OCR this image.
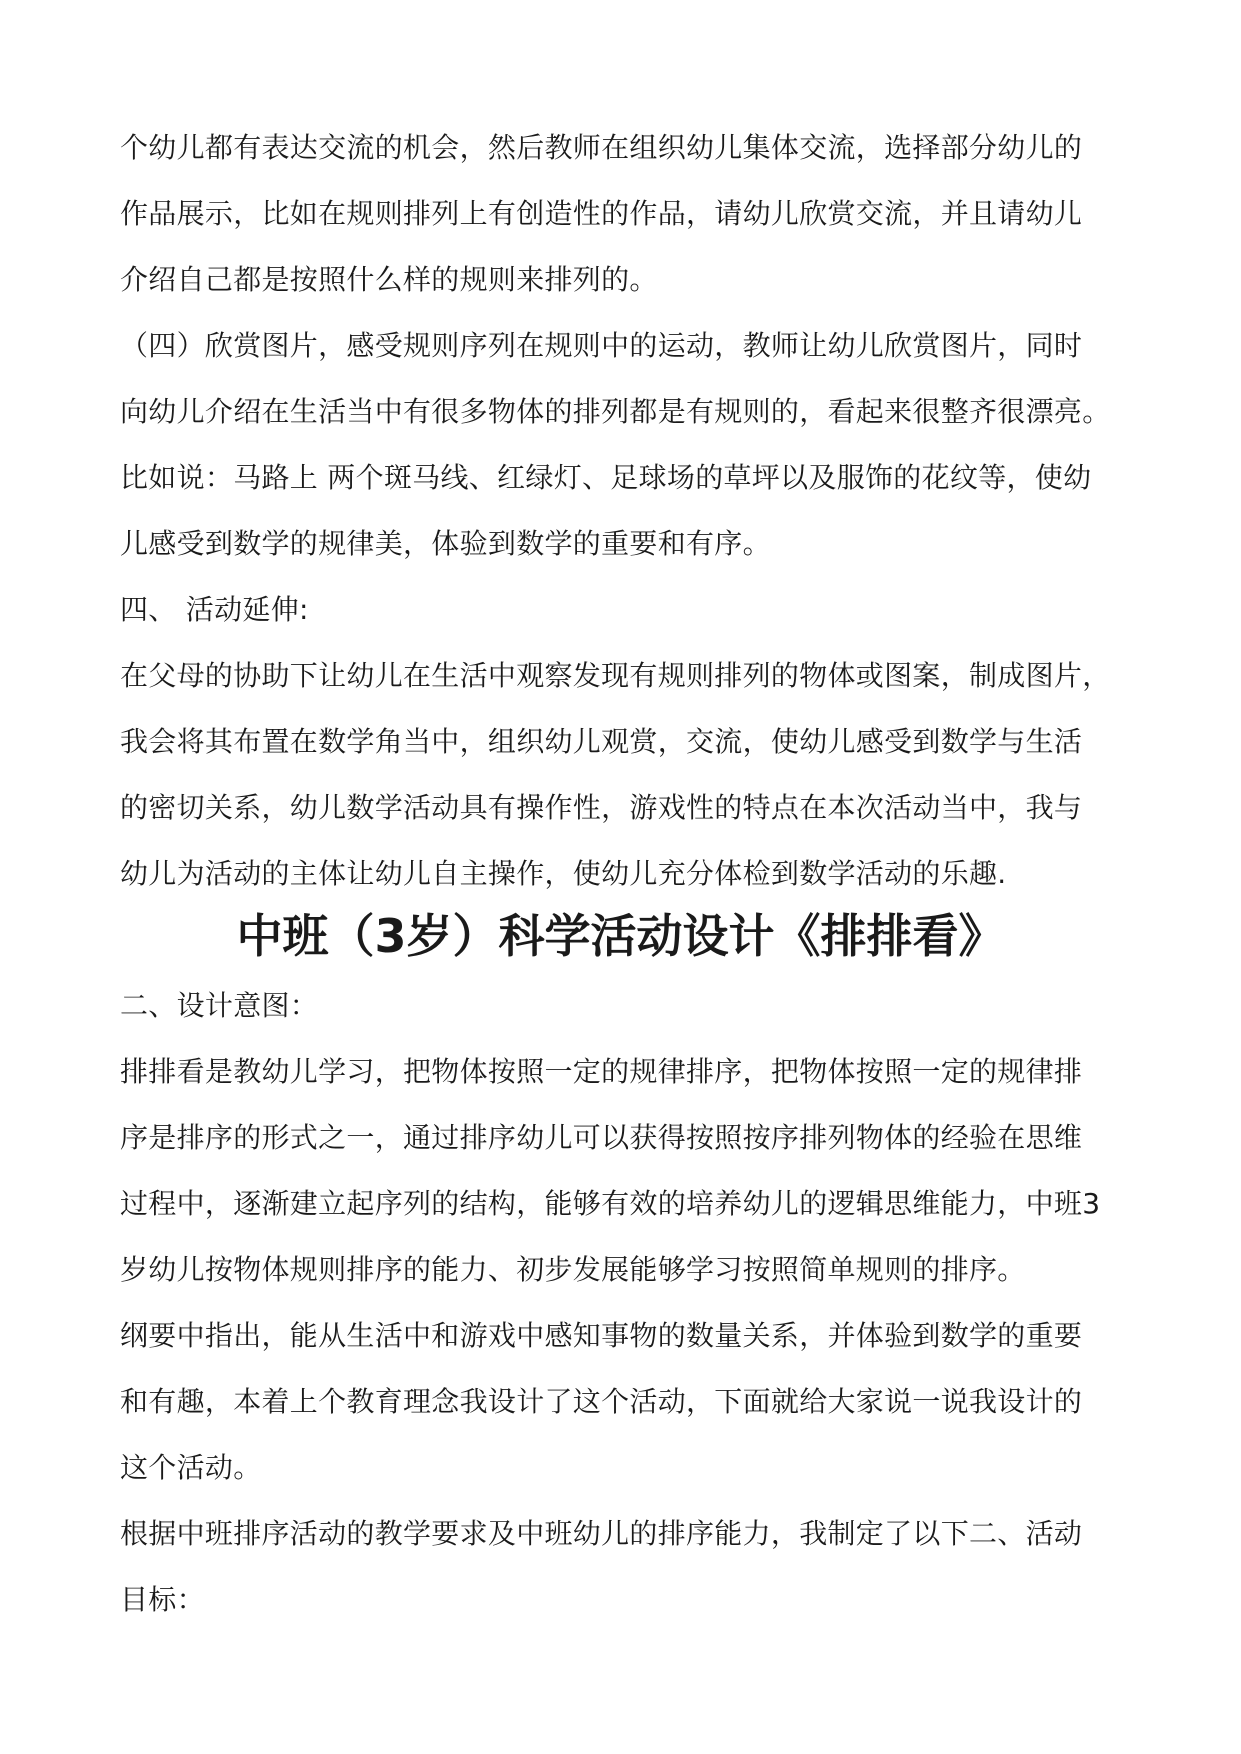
个幼儿都有表达交流的机会，然后教师在组织幼儿集体交流，选择部分幼儿的
作品展示，比如在规则排列上有创造性的作品，请幼儿欣赏交流，并且请幼儿
介绍自己都是按照什么样的规则来排列的。
（四）欣赏图片，感受规则序列在规则中的运动，教师让幼儿欣赏图片，同时
向幼儿介绍在生活当中有很多物体的排列都是有规则的，看起来很整齐很漂亮。
比如说：马路上 两个斑马线、红绿灯、足球场的草坪以及服饰的花纹等，使幼
儿感受到数学的规律美，体验到数学的重要和有序。
四、 活动延伸:
在父母的协助下让幼儿在生活中观察发现有规则排列的物体或图案，制成图片，
我会将其布置在数学角当中，组织幼儿观赏，交流，使幼儿感受到数学与生活
的密切关系，幼儿数学活动具有操作性，游戏性的特点在本次活动当中，我与
幼儿为活动的主体让幼儿自主操作，使幼儿充分体检到数学活动的乐趣.
中班（3岁）科学活动设计《排排看》
二、设计意图：
排排看是教幼儿学习，把物体按照一定的规律排序，把物体按照一定的规律排
序是排序的形式之一，通过排序幼儿可以获得按照按序排列物体的经验在思维
过程中，逐渐建立起序列的结构，能够有效的培养幼儿的逻辑思维能力，中班3
岁幼儿按物体规则排序的能力、初步发展能够学习按照简单规则的排序。
纲要中指出，能从生活中和游戏中感知事物的数量关系，并体验到数学的重要
和有趣，本着上个教育理念我设计了这个活动，下面就给大家说一说我设计的
这个活动。
根据中班排序活动的教学要求及中班幼儿的排序能力，我制定了以下二、活动
目标：
